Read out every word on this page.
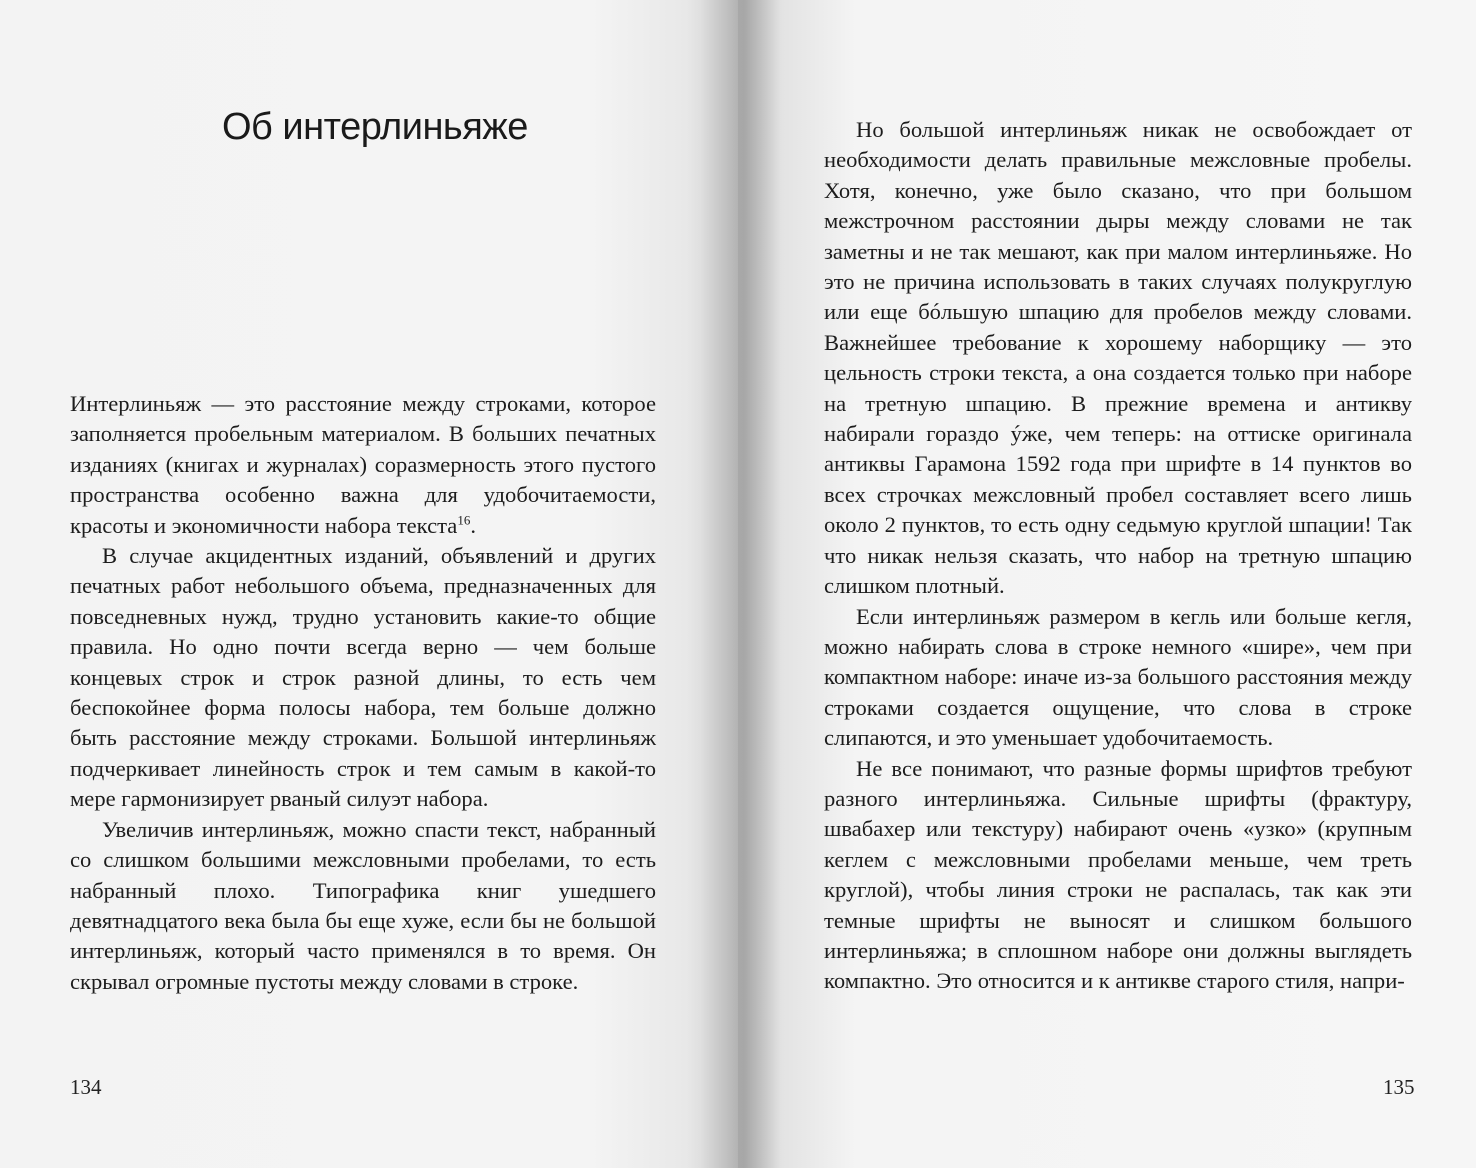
Об интерлиньяже

Интерлиньяж — это расстояние между строками, которое заполняется пробельным материалом. В больших печатных изданиях (книгах и журналах) соразмерность этого пустого пространства особенно важна для удобочитаемости, красоты и экономичности набора текста$^{16}$.

В случае акцидентных изданий, объявлений и других печатных работ небольшого объема, предназначенных для повседневных нужд, трудно установить какие-то общие правила. Но одно почти всегда верно — чем больше концевых строк и строк разной длины, то есть чем беспокойнее форма полосы набора, тем больше должно быть расстояние между строками. Большой интерлиньяж подчеркивает линейность строк и тем самым в какой-то мере гармонизирует рваный силуэт набора.

Увеличив интерлиньяж, можно спасти текст, набранный со слишком большими межсловными пробелами, то есть набранный плохо. Типографика книг ушедшего девятнадцатого века была бы еще хуже, если бы не большой интерлиньяж, который часто применялся в то время. Он скрывал огромные пустоты между словами в строке.

134

Но большой интерлиньяж никак не освобождает от необходимости делать правильные межсловные пробелы. Хотя, конечно, уже было сказано, что при большом межстрочном расстоянии дыры между словами не так заметны и не так мешают, как при малом интерлиньяже. Но это не причина использовать в таких случаях полукруглую или еще бóльшую шпацию для пробелов между словами. Важнейшее требование к хорошему наборщику — это цельность строки текста, а она создается только при наборе на третную шпацию. В прежние времена и антикву набирали гораздо ýже, чем теперь: на оттиске оригинала антиквы Гарамона 1592 года при шрифте в 14 пунктов во всех строчках межсловный пробел составляет всего лишь около 2 пунктов, то есть одну седьмую круглой шпации! Так что никак нельзя сказать, что набор на третную шпацию слишком плотный.

Если интерлиньяж размером в кегль или больше кегля, можно набирать слова в строке немного «шире», чем при компактном наборе: иначе из-за большого расстояния между строками создается ощущение, что слова в строке слипаются, и это уменьшает удобочитаемость.

Не все понимают, что разные формы шрифтов требуют разного интерлиньяжа. Сильные шрифты (фрактуру, швабахер или текстуру) набирают очень «узко» (крупным кеглем с межсловными пробелами меньше, чем треть круглой), чтобы линия строки не распалась, так как эти темные шрифты не выносят и слишком большого интерлиньяжа; в сплошном наборе они должны выглядеть компактно. Это относится и к антикве старого стиля, напри-

135
